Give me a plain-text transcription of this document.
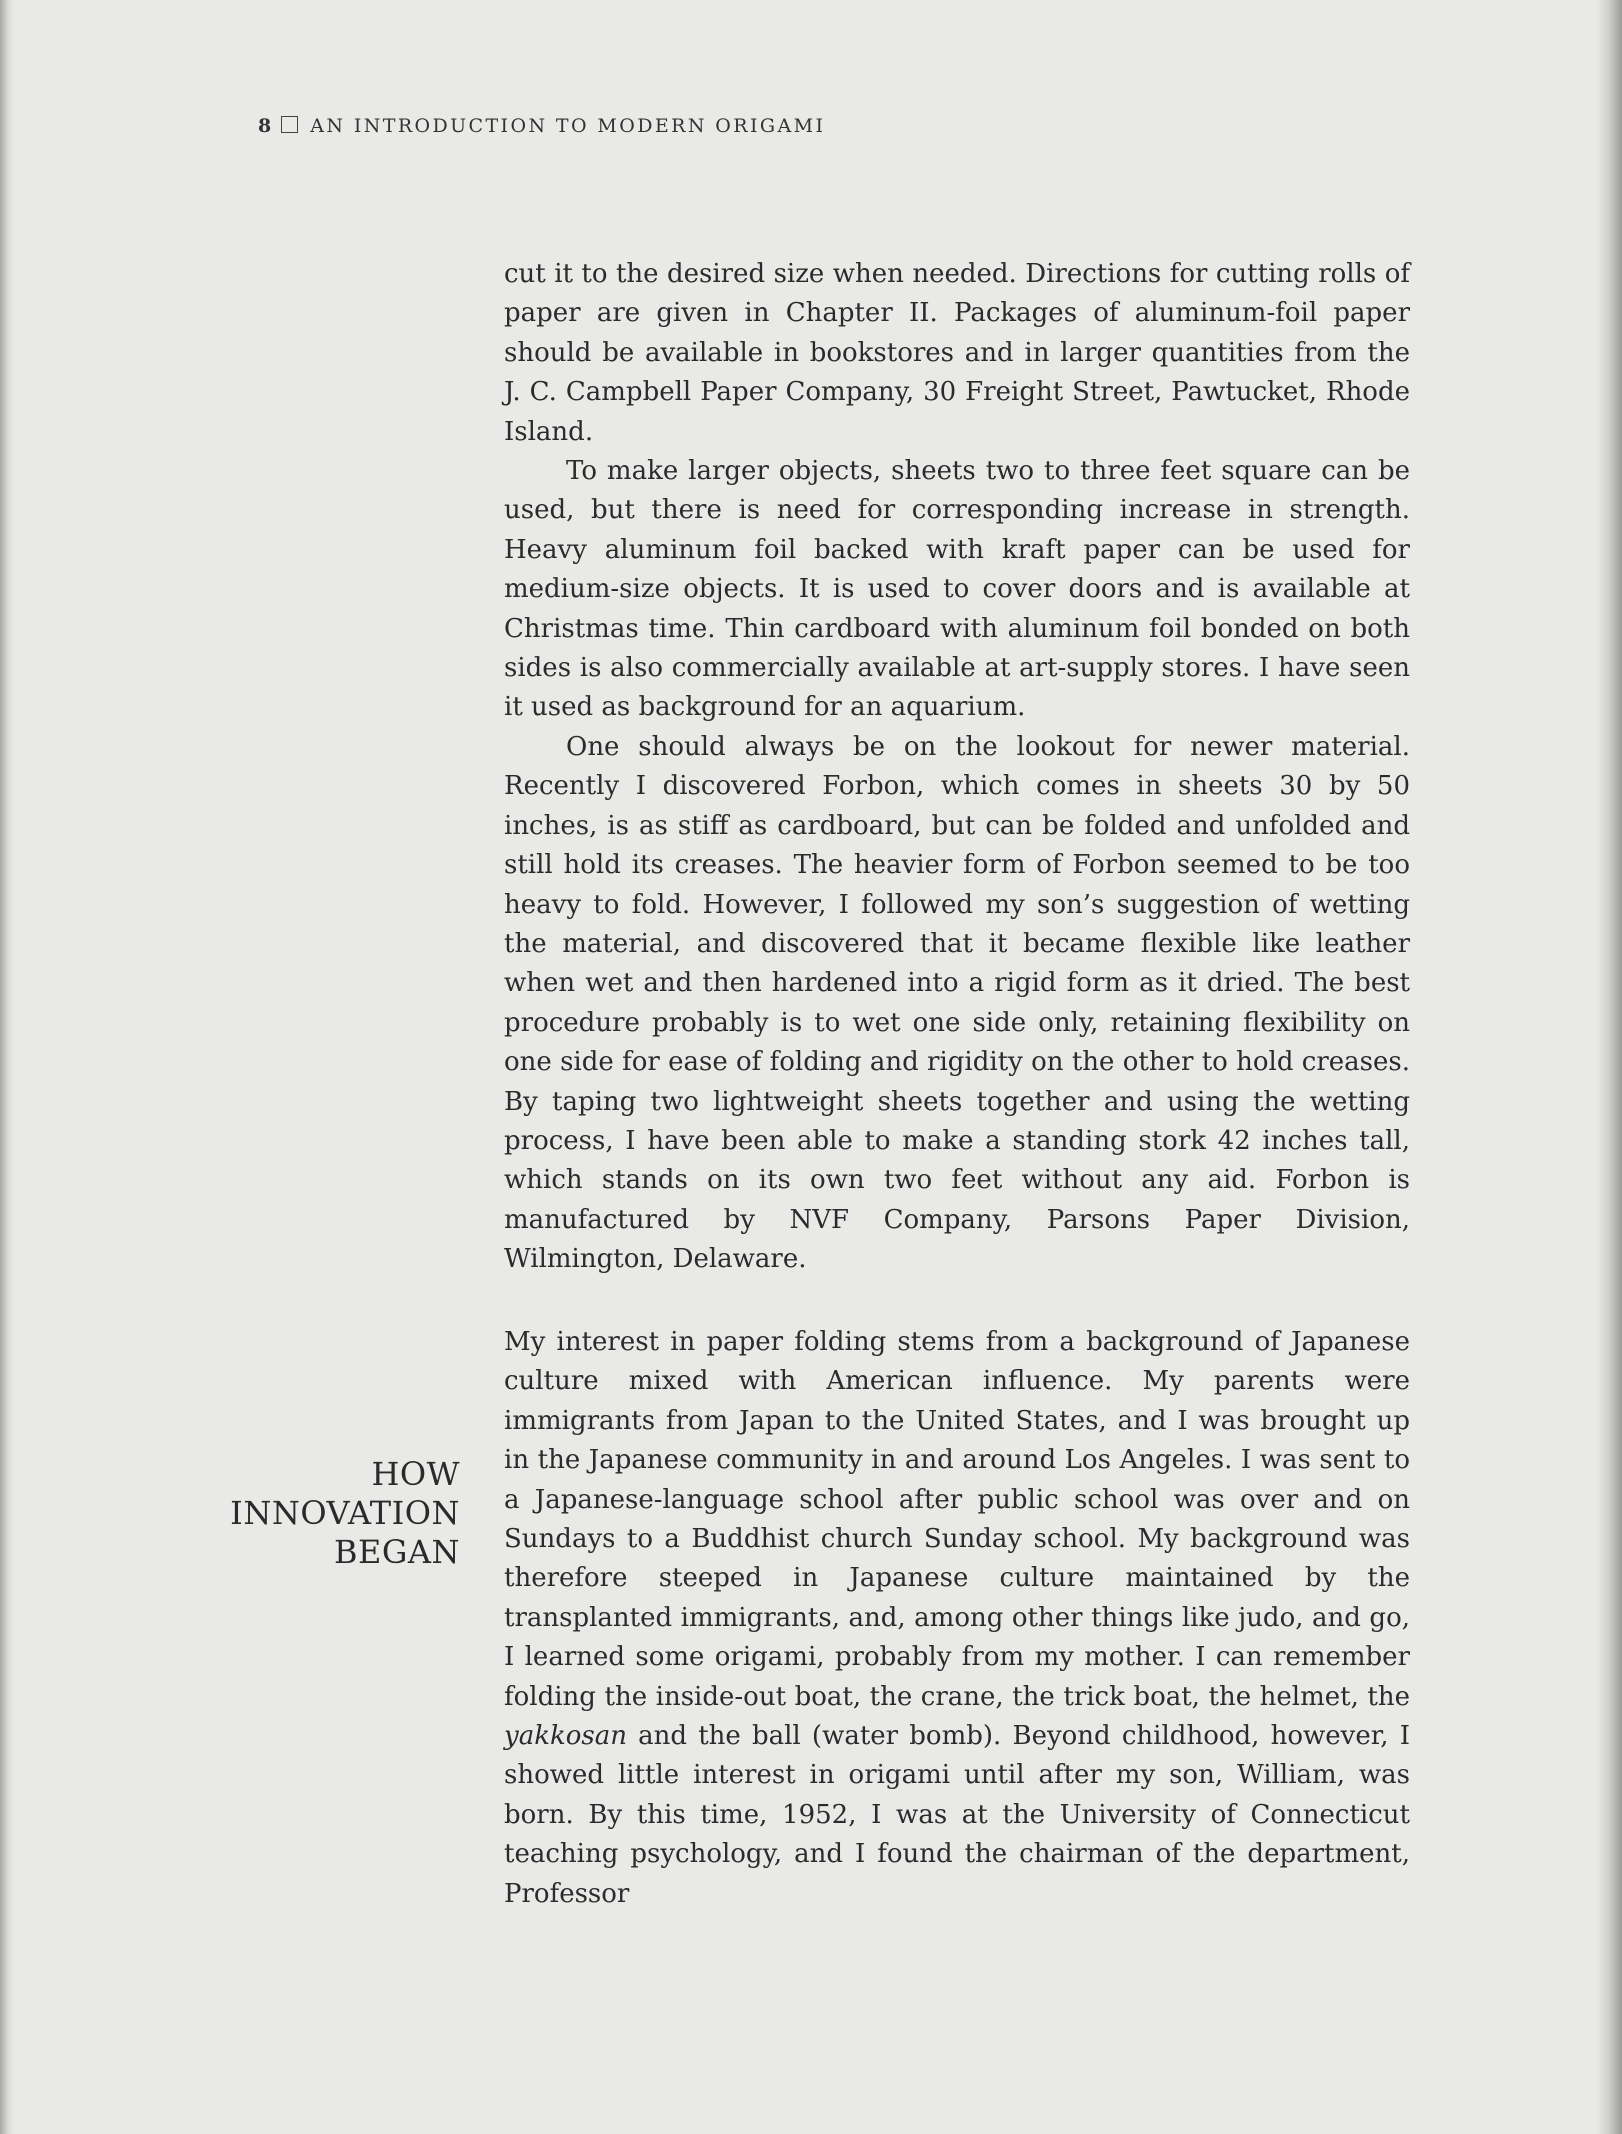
8 AN INTRODUCTION TO MODERN ORIGAMI

cut it to the desired size when needed. Directions for cutting rolls of paper are given in Chapter II. Packages of aluminum-foil paper should be available in bookstores and in larger quantities from the J. C. Campbell Paper Company, 30 Freight Street, Pawtucket, Rhode Island.

To make larger objects, sheets two to three feet square can be used, but there is need for corresponding increase in strength. Heavy aluminum foil backed with kraft paper can be used for medium-size objects. It is used to cover doors and is available at Christmas time. Thin cardboard with aluminum foil bonded on both sides is also commercially available at art-supply stores. I have seen it used as background for an aquarium.

One should always be on the lookout for newer material. Recently I discovered Forbon, which comes in sheets 30 by 50 inches, is as stiff as cardboard, but can be folded and unfolded and still hold its creases. The heavier form of Forbon seemed to be too heavy to fold. However, I followed my son’s suggestion of wetting the material, and discovered that it became flexible like leather when wet and then hardened into a rigid form as it dried. The best procedure probably is to wet one side only, retaining flexibility on one side for ease of folding and rigidity on the other to hold creases. By taping two lightweight sheets together and using the wetting process, I have been able to make a standing stork 42 inches tall, which stands on its own two feet without any aid. Forbon is manufactured by NVF Company, Parsons Paper Division, Wilmington, Delaware.

HOW
INNOVATION
BEGAN

My interest in paper folding stems from a background of Japanese culture mixed with American influence. My parents were immigrants from Japan to the United States, and I was brought up in the Japanese community in and around Los Angeles. I was sent to a Japanese-language school after public school was over and on Sundays to a Buddhist church Sunday school. My background was therefore steeped in Japanese culture maintained by the transplanted immigrants, and, among other things like judo, and go, I learned some origami, probably from my mother. I can remember folding the inside-out boat, the crane, the trick boat, the helmet, the yakkosan and the ball (water bomb). Beyond childhood, however, I showed little interest in origami until after my son, William, was born. By this time, 1952, I was at the University of Connecticut teaching psychology, and I found the chairman of the department, Professor
